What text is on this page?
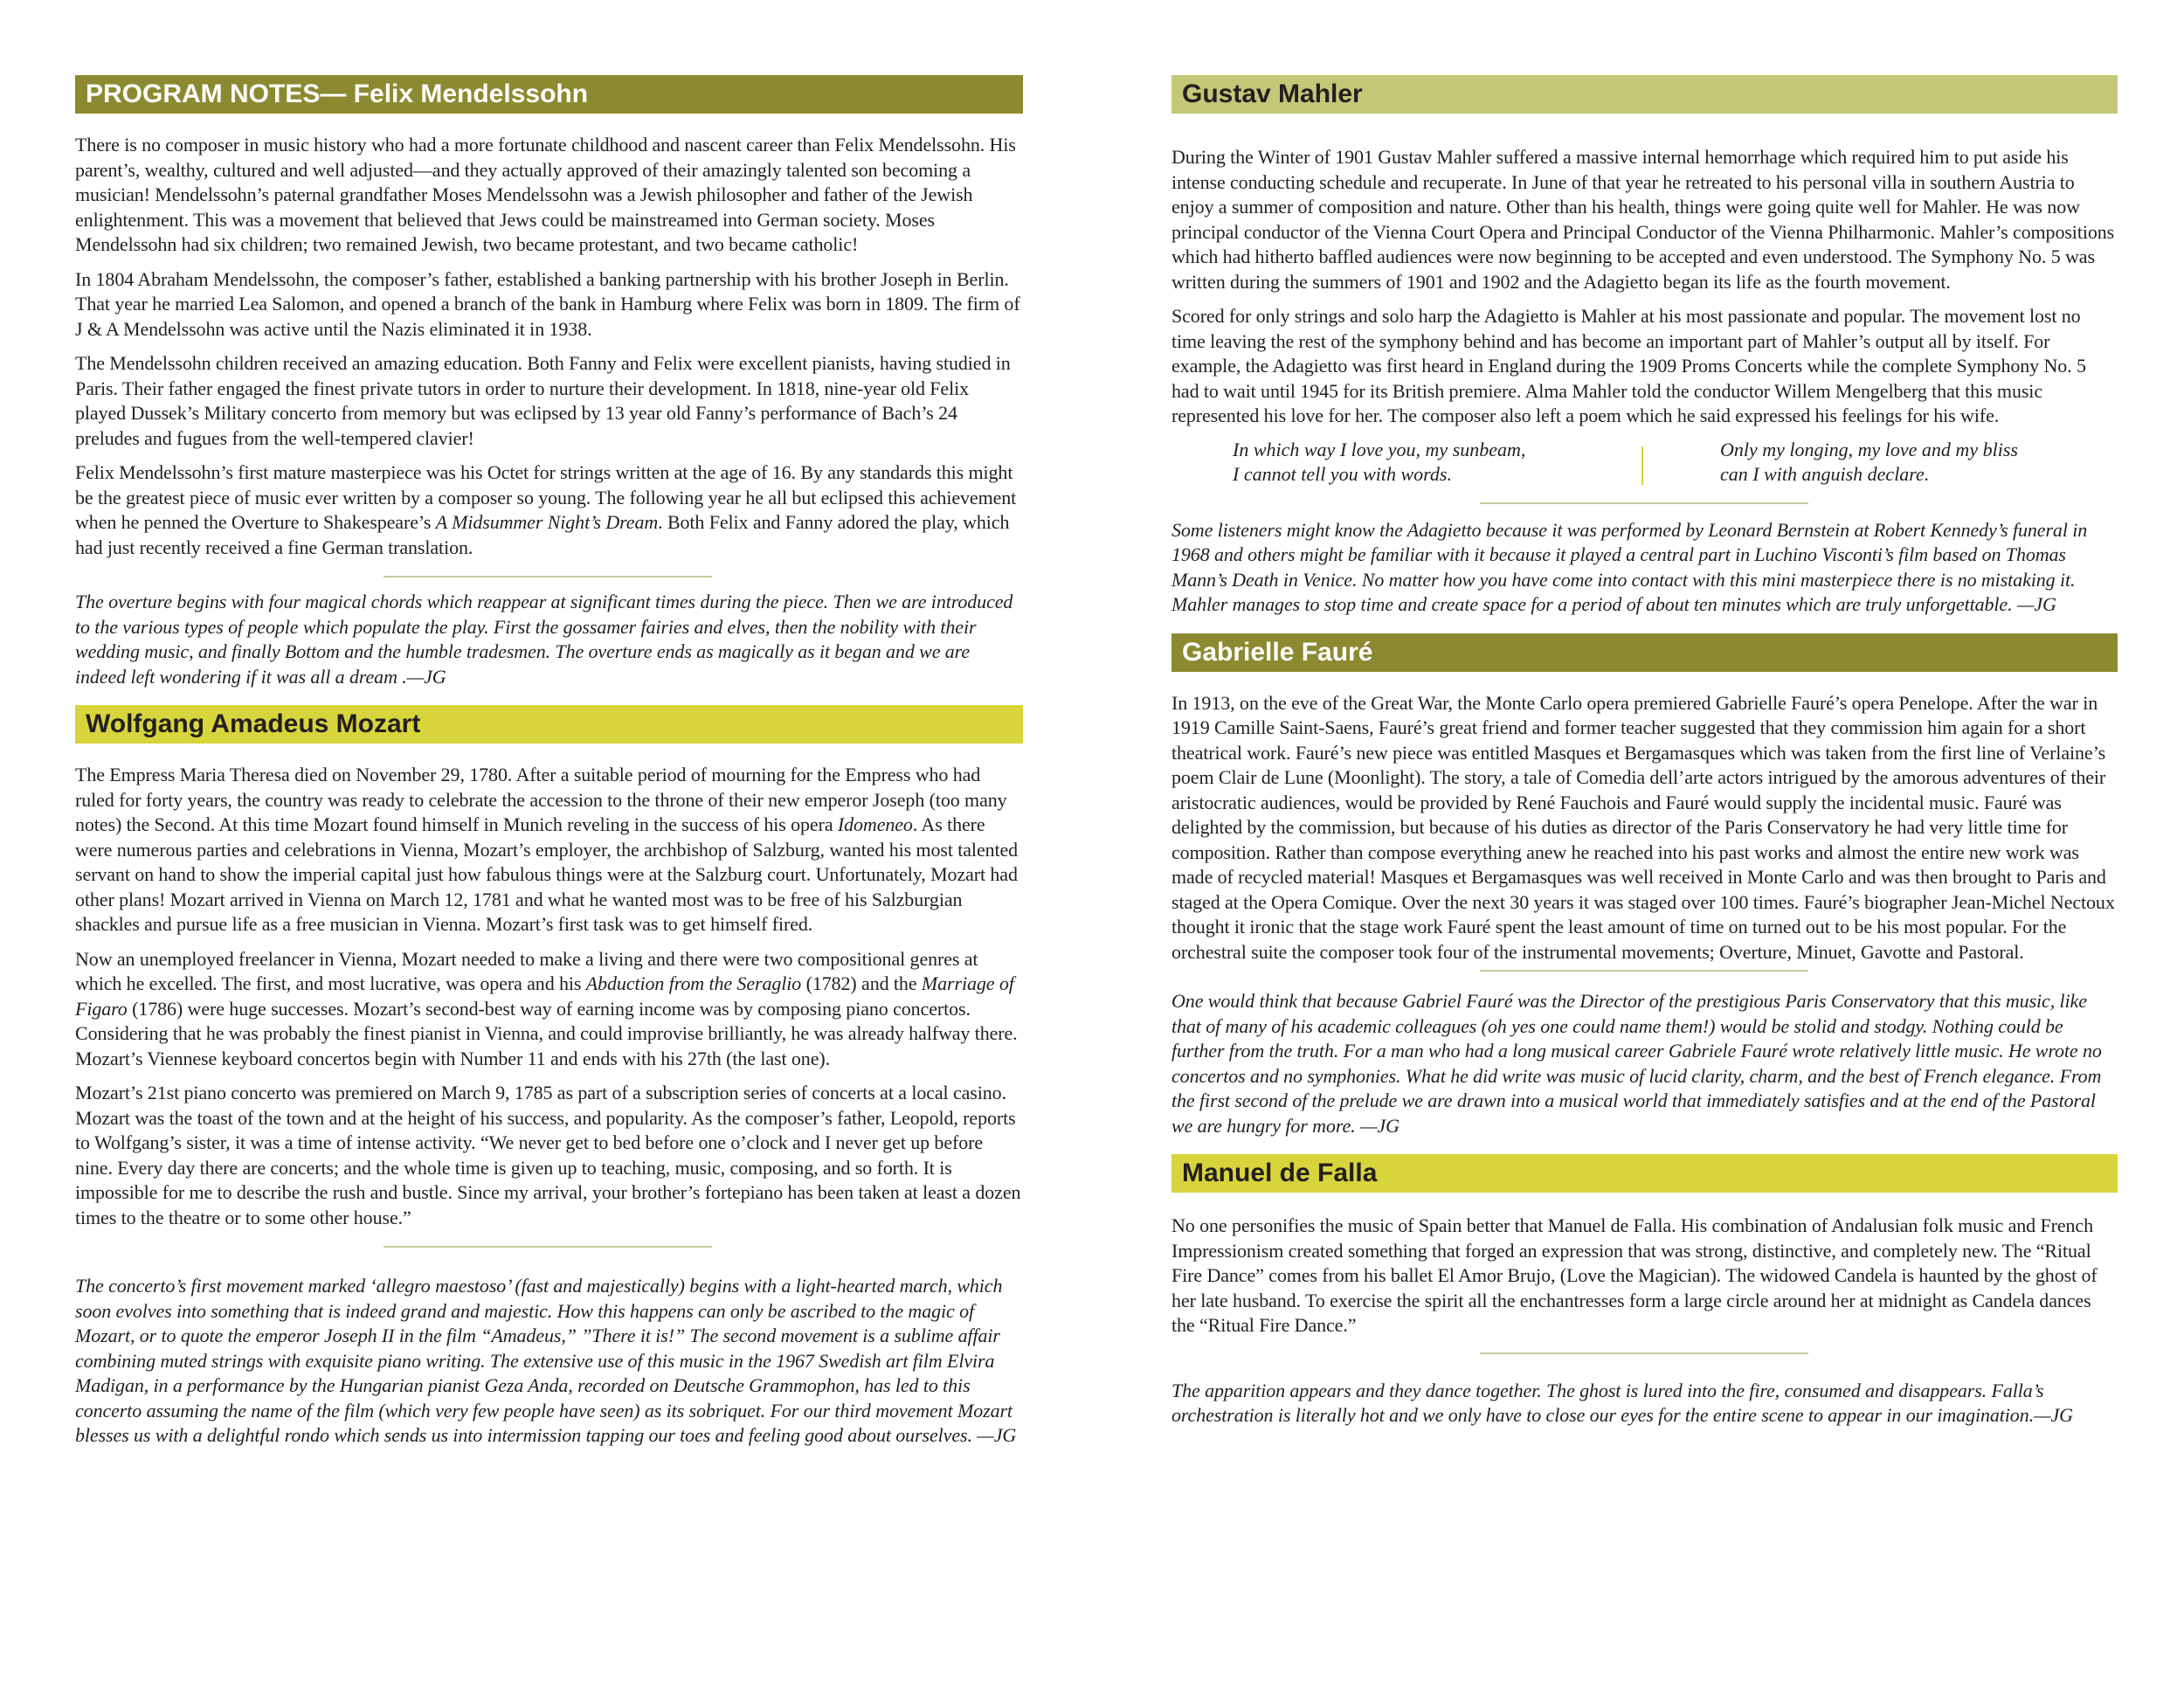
PROGRAM NOTES— Felix Mendelssohn

There is no composer in music history who had a more fortunate childhood and nascent career than Felix Mendelssohn. His parent’s, wealthy, cultured and well adjusted—and they actually approved of their amazingly talented son becoming a musician! Mendelssohn’s paternal grandfather Moses Mendelssohn was a Jewish philosopher and father of the Jewish enlightenment. This was a movement that believed that Jews could be mainstreamed into German society. Moses Mendelssohn had six children; two remained Jewish, two became protestant, and two became catholic!

In 1804 Abraham Mendelssohn, the composer’s father, established a banking partnership with his brother Joseph in Berlin. That year he married Lea Salomon, and opened a branch of the bank in Hamburg where Felix was born in 1809. The firm of J & A Mendelssohn was active until the Nazis eliminated it in 1938.

The Mendelssohn children received an amazing education. Both Fanny and Felix were excellent pianists, having studied in Paris. Their father engaged the finest private tutors in order to nurture their development. In 1818, nine-year old Felix played Dussek’s Military concerto from memory but was eclipsed by 13 year old Fanny’s performance of Bach’s 24 preludes and fugues from the well-tempered clavier!

Felix Mendelssohn’s first mature masterpiece was his Octet for strings written at the age of 16. By any standards this might be the greatest piece of music ever written by a composer so young. The following year he all but eclipsed this achievement when he penned the Overture to Shakespeare’s A Midsummer Night’s Dream. Both Felix and Fanny adored the play, which had just recently received a fine German translation.

The overture begins with four magical chords which reappear at significant times during the piece. Then we are introduced to the various types of people which populate the play. First the gossamer fairies and elves, then the nobility with their wedding music, and finally Bottom and the humble tradesmen. The overture ends as magically as it began and we are indeed left wondering if it was all a dream .—JG

Wolfgang Amadeus Mozart

The Empress Maria Theresa died on November 29, 1780. After a suitable period of mourning for the Empress who had ruled for forty years, the country was ready to celebrate the accession to the throne of their new emperor Joseph (too many notes) the Second. At this time Mozart found himself in Munich reveling in the success of his opera Idomeneo. As there were numerous parties and celebrations in Vienna, Mozart’s employer, the archbishop of Salzburg, wanted his most talented servant on hand to show the imperial capital just how fabulous things were at the Salzburg court. Unfortunately, Mozart had other plans! Mozart arrived in Vienna on March 12, 1781 and what he wanted most was to be free of his Salzburgian shackles and pursue life as a free musician in Vienna. Mozart’s first task was to get himself fired.

Now an unemployed freelancer in Vienna, Mozart needed to make a living and there were two compositional genres at which he excelled. The first, and most lucrative, was opera and his Abduction from the Seraglio (1782) and the Marriage of Figaro (1786) were huge successes. Mozart’s second-best way of earning income was by composing piano concertos. Considering that he was probably the finest pianist in Vienna, and could improvise brilliantly, he was already halfway there. Mozart’s Viennese keyboard concertos begin with Number 11 and ends with his 27th (the last one).

Mozart’s 21st piano concerto was premiered on March 9, 1785 as part of a subscription series of concerts at a local casino. Mozart was the toast of the town and at the height of his success, and popularity. As the composer’s father, Leopold, reports to Wolfgang’s sister, it was a time of intense activity. “We never get to bed before one o’clock and I never get up before nine. Every day there are concerts; and the whole time is given up to teaching, music, composing, and so forth. It is impossible for me to describe the rush and bustle. Since my arrival, your brother’s fortepiano has been taken at least a dozen times to the theatre or to some other house.”

The concerto’s first movement marked ‘allegro maestoso’ (fast and majestically) begins with a light-hearted march, which soon evolves into something that is indeed grand and majestic. How this happens can only be ascribed to the magic of Mozart, or to quote the emperor Joseph II in the film “Amadeus,” ”There it is!” The second movement is a sublime affair combining muted strings with exquisite piano writing. The extensive use of this music in the 1967 Swedish art film Elvira Madigan, in a performance by the Hungarian pianist Geza Anda, recorded on Deutsche Grammophon, has led to this concerto assuming the name of the film (which very few people have seen) as its sobriquet. For our third movement Mozart blesses us with a delightful rondo which sends us into intermission tapping our toes and feeling good about ourselves. —JG

Gustav Mahler

During the Winter of 1901 Gustav Mahler suffered a massive internal hemorrhage which required him to put aside his intense conducting schedule and recuperate. In June of that year he retreated to his personal villa in southern Austria to enjoy a summer of composition and nature. Other than his health, things were going quite well for Mahler. He was now principal conductor of the Vienna Court Opera and Principal Conductor of the Vienna Philharmonic. Mahler’s compositions which had hitherto baffled audiences were now beginning to be accepted and even understood. The Symphony No. 5 was written during the summers of 1901 and 1902 and the Adagietto began its life as the fourth movement.

Scored for only strings and solo harp the Adagietto is Mahler at his most passionate and popular. The movement lost no time leaving the rest of the symphony behind and has become an important part of Mahler’s output all by itself. For example, the Adagietto was first heard in England during the 1909 Proms Concerts while the complete Symphony No. 5 had to wait until 1945 for its British premiere. Alma Mahler told the conductor Willem Mengelberg that this music represented his love for her. The composer also left a poem which he said expressed his feelings for his wife.

In which way I love you, my sunbeam,
I cannot tell you with words.
Only my longing, my love and my bliss
can I with anguish declare.

Some listeners might know the Adagietto because it was performed by Leonard Bernstein at Robert Kennedy’s funeral in 1968 and others might be familiar with it because it played a central part in Luchino Visconti’s film based on Thomas Mann’s Death in Venice. No matter how you have come into contact with this mini masterpiece there is no mistaking it. Mahler manages to stop time and create space for a period of about ten minutes which are truly unforgettable. —JG

Gabrielle Fauré

In 1913, on the eve of the Great War, the Monte Carlo opera premiered Gabrielle Fauré’s opera Penelope. After the war in 1919 Camille Saint-Saens, Fauré’s great friend and former teacher suggested that they commission him again for a short theatrical work. Fauré’s new piece was entitled Masques et Bergamasques which was taken from the first line of Verlaine’s poem Clair de Lune (Moonlight). The story, a tale of Comedia dell’arte actors intrigued by the amorous adventures of their aristocratic audiences, would be provided by René Fauchois and Fauré would supply the incidental music. Fauré was delighted by the commission, but because of his duties as director of the Paris Conservatory he had very little time for composition. Rather than compose everything anew he reached into his past works and almost the entire new work was made of recycled material! Masques et Bergamasques was well received in Monte Carlo and was then brought to Paris and staged at the Opera Comique. Over the next 30 years it was staged over 100 times. Fauré’s biographer Jean-Michel Nectoux thought it ironic that the stage work Fauré spent the least amount of time on turned out to be his most popular. For the orchestral suite the composer took four of the instrumental movements; Overture, Minuet, Gavotte and Pastoral.

One would think that because Gabriel Fauré was the Director of the prestigious Paris Conservatory that this music, like that of many of his academic colleagues (oh yes one could name them!) would be stolid and stodgy. Nothing could be further from the truth. For a man who had a long musical career Gabriele Fauré wrote relatively little music. He wrote no concertos and no symphonies. What he did write was music of lucid clarity, charm, and the best of French elegance. From the first second of the prelude we are drawn into a musical world that immediately satisfies and at the end of the Pastoral we are hungry for more. —JG

Manuel de Falla

No one personifies the music of Spain better that Manuel de Falla. His combination of Andalusian folk music and French Impressionism created something that forged an expression that was strong, distinctive, and completely new. The “Ritual Fire Dance” comes from his ballet El Amor Brujo, (Love the Magician). The widowed Candela is haunted by the ghost of her late husband. To exercise the spirit all the enchantresses form a large circle around her at midnight as Candela dances the “Ritual Fire Dance.”

The apparition appears and they dance together. The ghost is lured into the fire, consumed and disappears. Falla’s orchestration is literally hot and we only have to close our eyes for the entire scene to appear in our imagination.—JG
